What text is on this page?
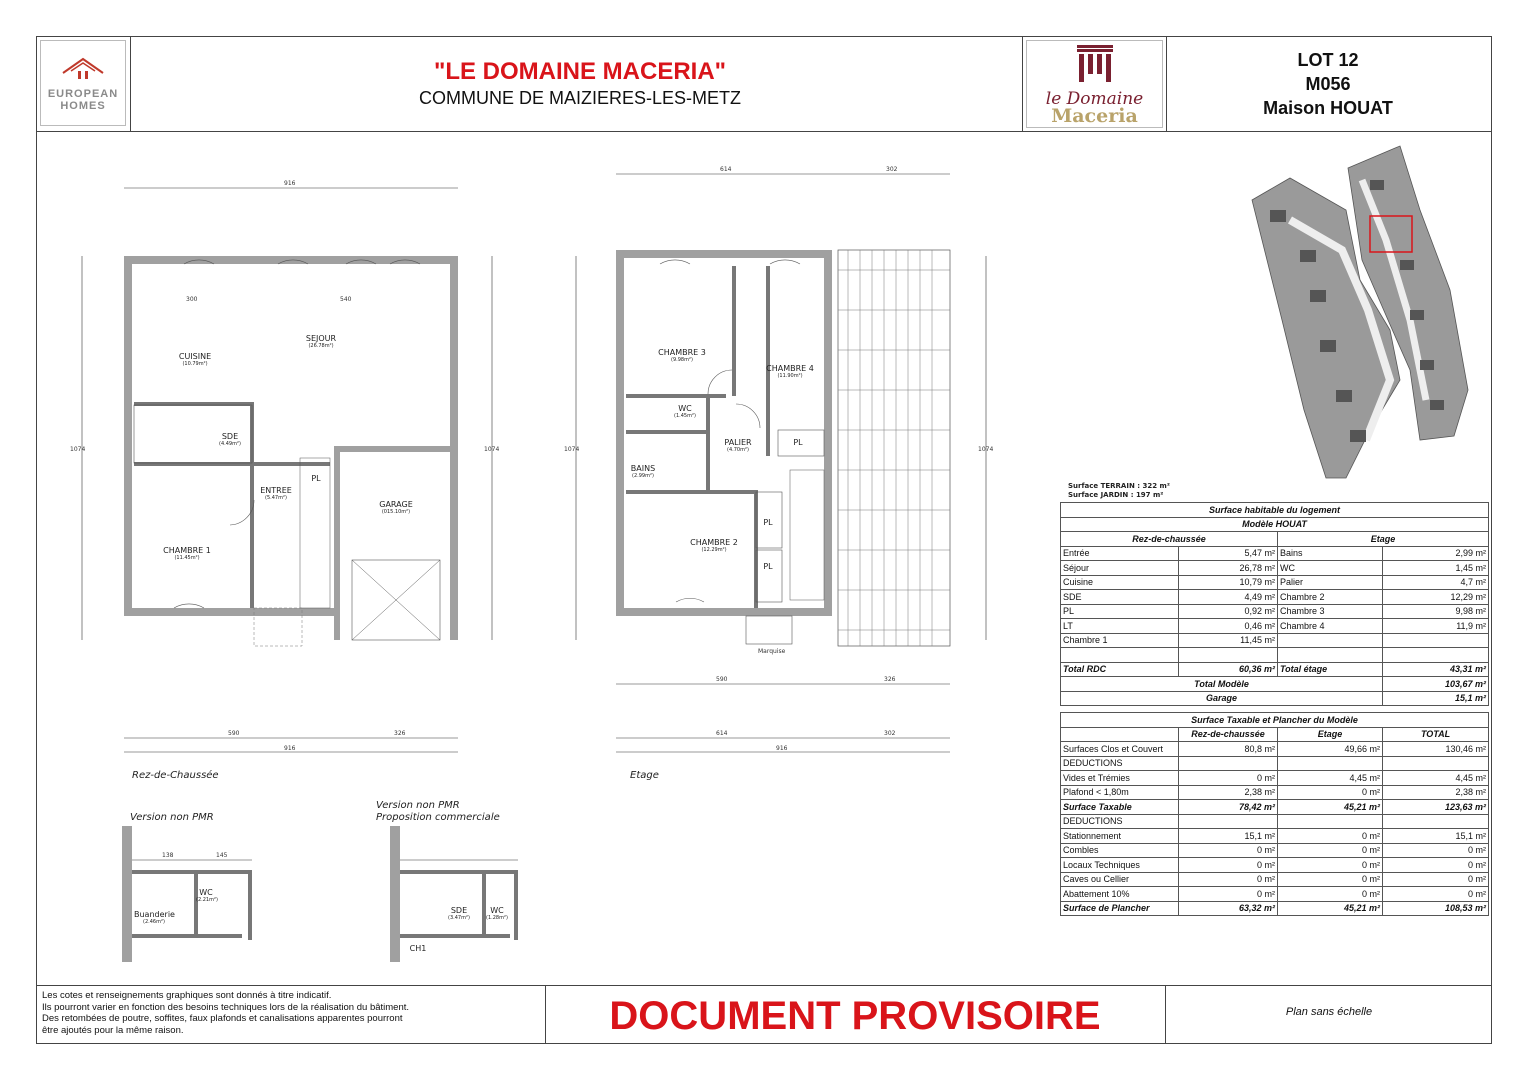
EUROPEAN
HOMES
"LE DOMAINE MACERIA"
COMMUNE DE MAIZIERES-LES-METZ	le Domaine
Maceria
LOT 12
M056
Maison HOUAT
Rez-de-Chaussée	Etage
Version non PMR
Version non PMR
Proposition commerciale
SEJOUR
(26.78m²)
CUISINE
(10.79m²)
SDE
(4.49m²)
ENTREE
(5.47m²)
CHAMBRE 1
(11.45m²)
GARAGE
(015.10m²)
PL
CHAMBRE 3
(9.98m²)
CHAMBRE 4
(11.90m²)
WC
(1.45m²)
BAINS
(2.99m²)
PALIER
(4.70m²)
CHAMBRE 2
(12.29m²)
PL
PL
PL
Marquise
Buanderie
(2.46m²)
WC
(2.21m²)
SDE
(3.47m²)
WC
(1.28m²)
CH1
916
590	326
916
300	540
1074	1074
614	302
590	326
614	302
916
1074	1074
138	145
Surface TERRAIN : 322 m²
Surface JARDIN : 197 m²
Surface habitable du logement			
Modèle HOUAT			
Rez-de-chaussée		Etage	
Entrée	5,47 m²	Bains	2,99 m²
Séjour	26,78 m²	WC	1,45 m²
Cuisine	10,79 m²	Palier	4,7 m²
SDE	4,49 m²	Chambre 2	12,29 m²
PL	0,92 m²	Chambre 3	9,98 m²
LT	0,46 m²	Chambre 4	11,9 m²
Chambre 1	11,45 m²		

Total RDC	60,36 m²	Total étage	43,31 m²
Total Modèle			103,67 m²
Garage			15,1 m²
Surface Taxable et Plancher du Modèle			
	Rez-de-chaussée	Etage	TOTAL
Surfaces Clos et Couvert	80,8 m²	49,66 m²	130,46 m²
DEDUCTIONS			
Vides et Trémies	0 m²	4,45 m²	4,45 m²
Plafond < 1,80m	2,38 m²	0 m²	2,38 m²
Surface Taxable	78,42 m²	45,21 m²	123,63 m²
DEDUCTIONS			
Stationnement	15,1 m²	0 m²	15,1 m²
Combles	0 m²	0 m²	0 m²
Locaux Techniques	0 m²	0 m²	0 m²
Caves ou Cellier	0 m²	0 m²	0 m²
Abattement 10%	0 m²	0 m²	0 m²
Surface de Plancher	63,32 m²	45,21 m²	108,53 m²
Les cotes et renseignements graphiques sont donnés à titre indicatif.
Ils pourront varier en fonction des besoins techniques lors de la réalisation du bâtiment.
Des retombées de poutre, soffites, faux plafonds et canalisations apparentes pourront
être ajoutés pour la même raison.	DOCUMENT PROVISOIRE	Plan sans échelle
